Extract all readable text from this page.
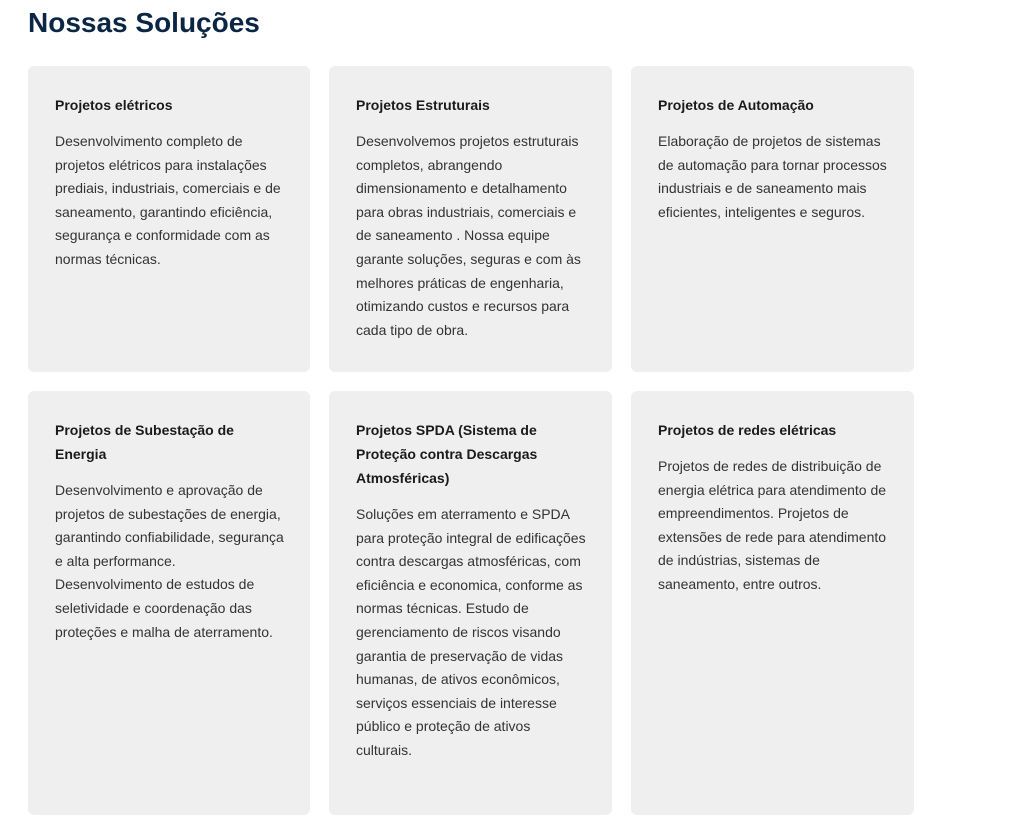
Nossas Soluções
Projetos elétricos

Desenvolvimento completo de projetos elétricos para instalações prediais, industriais, comerciais e de saneamento, garantindo eficiência, segurança e conformidade com as normas técnicas.

Projetos Estruturais

Desenvolvemos projetos estruturais completos, abrangendo dimensionamento e detalhamento para obras industriais, comerciais e de saneamento . Nossa equipe garante soluções, seguras e com às melhores práticas de engenharia, otimizando custos e recursos para cada tipo de obra.

Projetos de Automação

Elaboração de projetos de sistemas de automação para tornar processos industriais e de saneamento mais eficientes, inteligentes e seguros.

Projetos de Subestação de Energia

Desenvolvimento e aprovação de projetos de subestações de energia, garantindo confiabilidade, segurança e alta performance. Desenvolvimento de estudos de seletividade e coordenação das proteções e malha de aterramento.

Projetos SPDA (Sistema de Proteção contra Descargas Atmosféricas)

Soluções em aterramento e SPDA para proteção integral de edificações contra descargas atmosféricas, com eficiência e economica, conforme as normas técnicas. Estudo de gerenciamento de riscos visando garantia de preservação de vidas humanas, de ativos econômicos, serviços essenciais de interesse público e proteção de ativos culturais.

Projetos de redes elétricas

Projetos de redes de distribuição de energia elétrica para atendimento de empreendimentos. Projetos de extensões de rede para atendimento de indústrias, sistemas de saneamento, entre outros.
